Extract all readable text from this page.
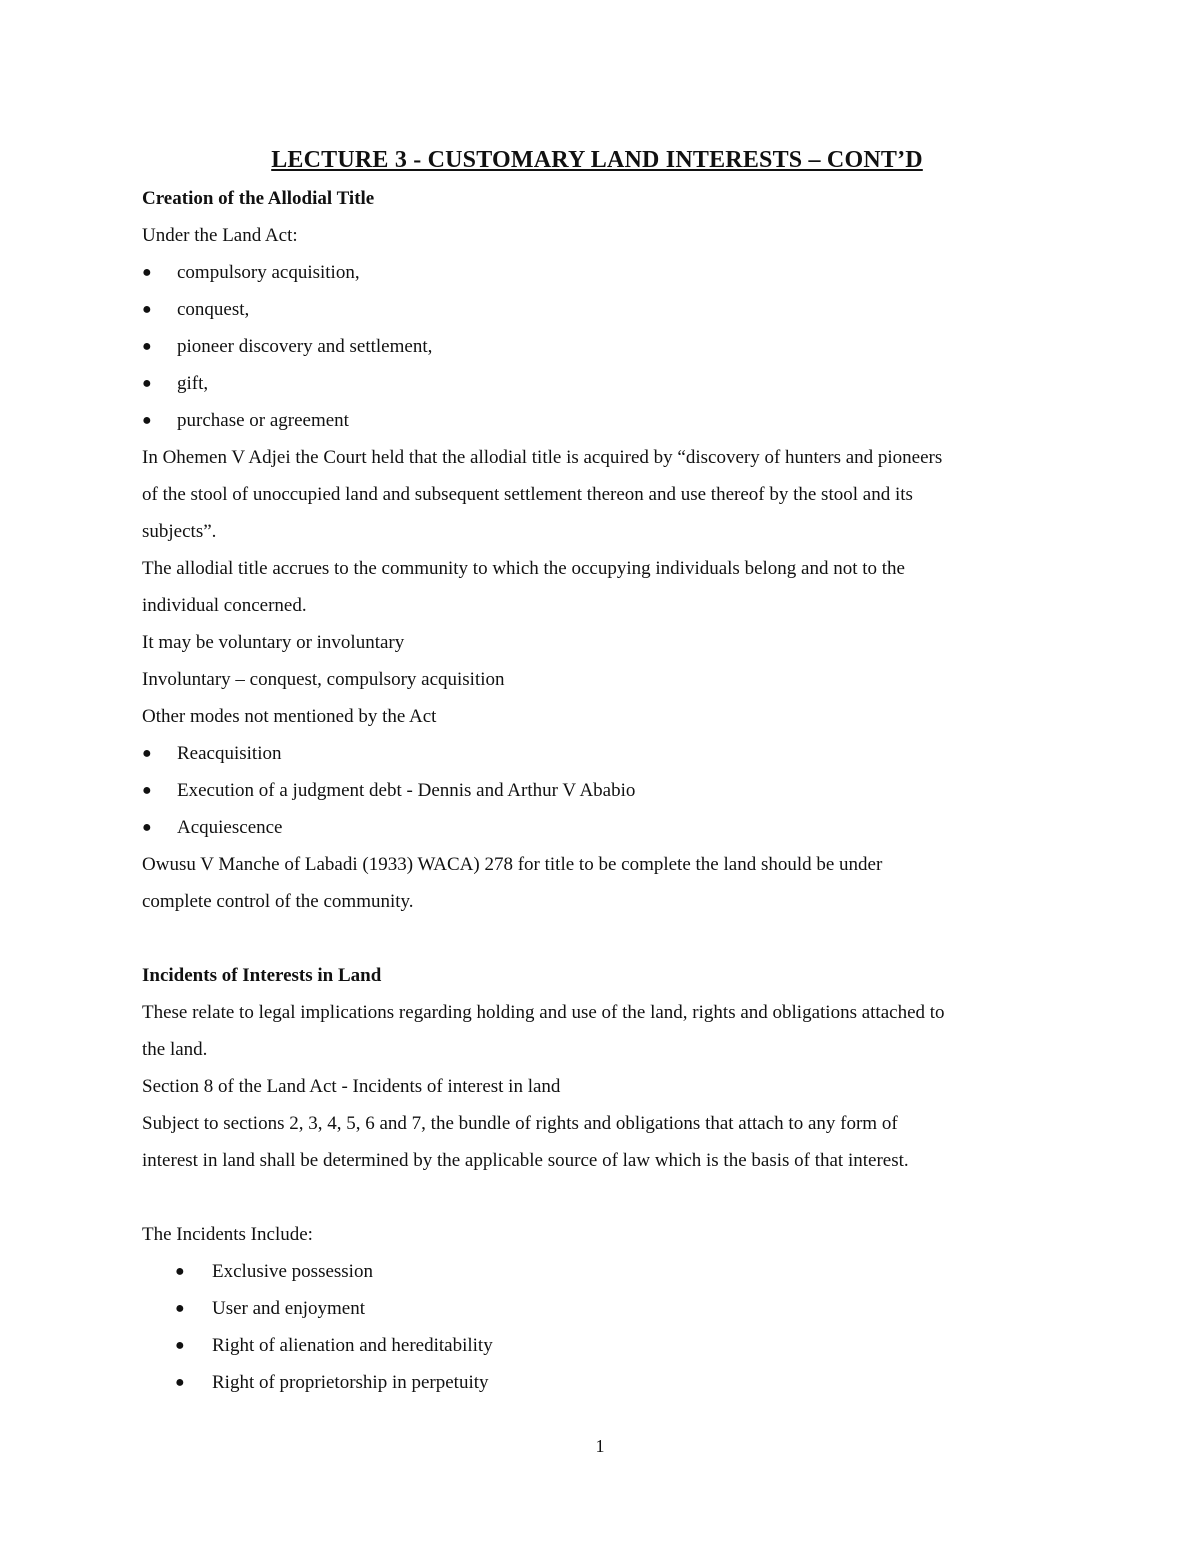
LECTURE 3 - CUSTOMARY LAND INTERESTS – CONT’D

Creation of the Allodial Title

Under the Land Act:

●	compulsory acquisition,
●	conquest,
●	pioneer discovery and settlement,
●	gift,
●	purchase or agreement

In Ohemen V Adjei the Court held that the allodial title is acquired by “discovery of hunters and pioneers

of the stool of unoccupied land and subsequent settlement thereon and use thereof by the stool and its

subjects”.

The allodial title accrues to the community to which the occupying individuals belong and not to the

individual concerned.

It may be voluntary or involuntary

Involuntary – conquest, compulsory acquisition

Other modes not mentioned by the Act

●	Reacquisition
●	Execution of a judgment debt - Dennis and Arthur V Ababio
●	Acquiescence

Owusu V Manche of Labadi (1933) WACA) 278 for title to be complete the land should be under

complete control of the community.

Incidents of Interests in Land

These relate to legal implications regarding holding and use of the land, rights and obligations attached to

the land.

Section 8 of the Land Act - Incidents of interest in land

Subject to sections 2, 3, 4, 5, 6 and 7, the bundle of rights and obligations that attach to any form of

interest in land shall be determined by the applicable source of law which is the basis of that interest.

The Incidents Include:

●	Exclusive possession
●	User and enjoyment
●	Right of alienation and hereditability
●	Right of proprietorship in perpetuity
1
